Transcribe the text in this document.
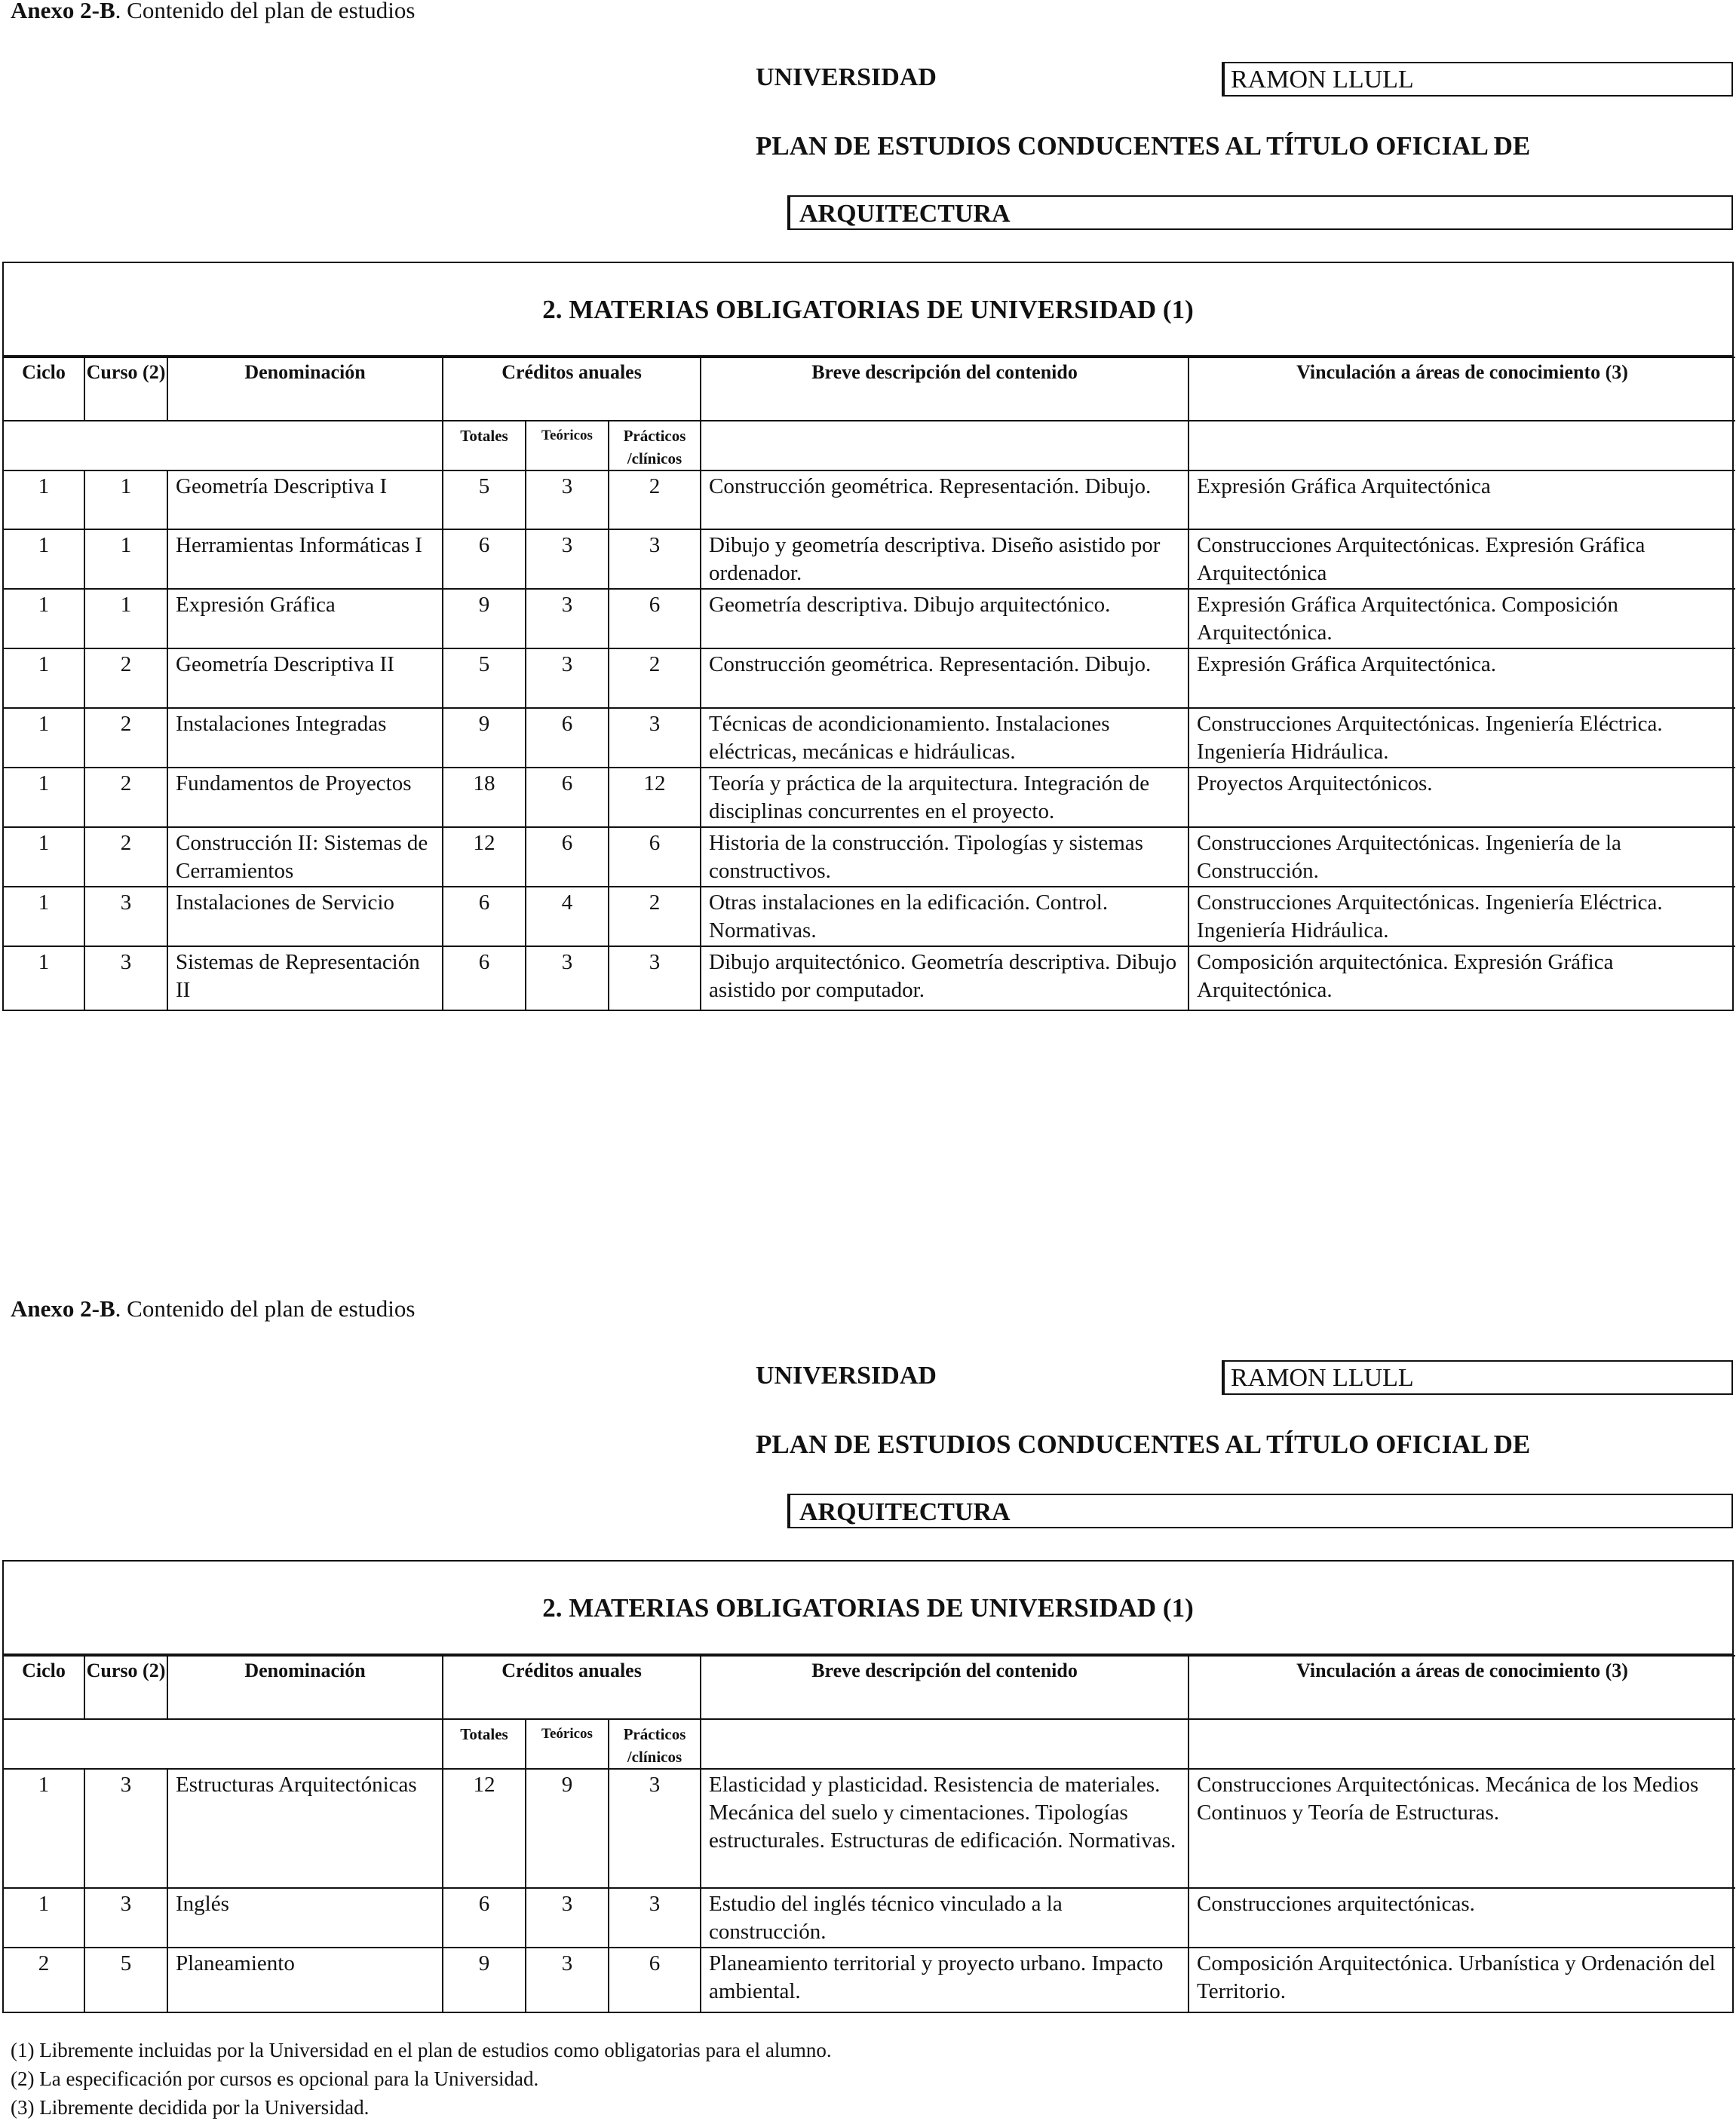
Anexo 2-B. Contenido del plan de estudios
UNIVERSIDAD	RAMON LLULL
PLAN DE ESTUDIOS CONDUCENTES AL TÍTULO OFICIAL DE
ARQUITECTURA
2. MATERIAS OBLIGATORIAS DE UNIVERSIDAD (1)
Ciclo	Curso (2)	Denominación	Créditos anuales			Breve descripción del contenido	Vinculación a áreas de conocimiento (3)
			Totales	Teóricos	Prácticos /clínicos		
1	1	Geometría Descriptiva I	5	3	2	Construcción geométrica. Representación. Dibujo.	Expresión Gráfica Arquitectónica
1	1	Herramientas Informáticas I	6	3	3	Dibujo y geometría descriptiva. Diseño asistido por ordenador.	Construcciones Arquitectónicas. Expresión Gráfica Arquitectónica
1	1	Expresión Gráfica	9	3	6	Geometría descriptiva. Dibujo arquitectónico.	Expresión Gráfica Arquitectónica. Composición Arquitectónica.
1	2	Geometría Descriptiva II	5	3	2	Construcción geométrica. Representación. Dibujo.	Expresión Gráfica Arquitectónica.
1	2	Instalaciones Integradas	9	6	3	Técnicas de acondicionamiento. Instalaciones eléctricas, mecánicas e hidráulicas.	Construcciones Arquitectónicas. Ingeniería Eléctrica. Ingeniería Hidráulica.
1	2	Fundamentos de Proyectos	18	6	12	Teoría y práctica de la arquitectura. Integración de disciplinas concurrentes en el proyecto.	Proyectos Arquitectónicos.
1	2	Construcción II: Sistemas de Cerramientos	12	6	6	Historia de la construcción. Tipologías y sistemas constructivos.	Construcciones Arquitectónicas. Ingeniería de la Construcción.
1	3	Instalaciones de Servicio	6	4	2	Otras instalaciones en la edificación. Control. Normativas.	Construcciones Arquitectónicas. Ingeniería Eléctrica. Ingeniería Hidráulica.
1	3	Sistemas de Representación II	6	3	3	Dibujo arquitectónico. Geometría descriptiva. Dibujo asistido por computador.	Composición arquitectónica. Expresión Gráfica Arquitectónica.
Anexo 2-B. Contenido del plan de estudios
UNIVERSIDAD	RAMON LLULL
PLAN DE ESTUDIOS CONDUCENTES AL TÍTULO OFICIAL DE
ARQUITECTURA
2. MATERIAS OBLIGATORIAS DE UNIVERSIDAD (1)
Ciclo	Curso (2)	Denominación	Créditos anuales			Breve descripción del contenido	Vinculación a áreas de conocimiento (3)
			Totales	Teóricos	Prácticos /clínicos		
1	3	Estructuras Arquitectónicas	12	9	3	Elasticidad y plasticidad. Resistencia de materiales. Mecánica del suelo y cimentaciones. Tipologías estructurales. Estructuras de edificación. Normativas.	Construcciones Arquitectónicas. Mecánica de los Medios Continuos y Teoría de Estructuras.
1	3	Inglés	6	3	3	Estudio del inglés técnico vinculado a la construcción.	Construcciones arquitectónicas.
2	5	Planeamiento	9	3	6	Planeamiento territorial y proyecto urbano. Impacto ambiental.	Composición Arquitectónica. Urbanística y Ordenación del Territorio.
(1) Libremente incluidas por la Universidad en el plan de estudios como obligatorias para el alumno.
(2) La especificación por cursos es opcional para la Universidad.
(3) Libremente decidida por la Universidad.
